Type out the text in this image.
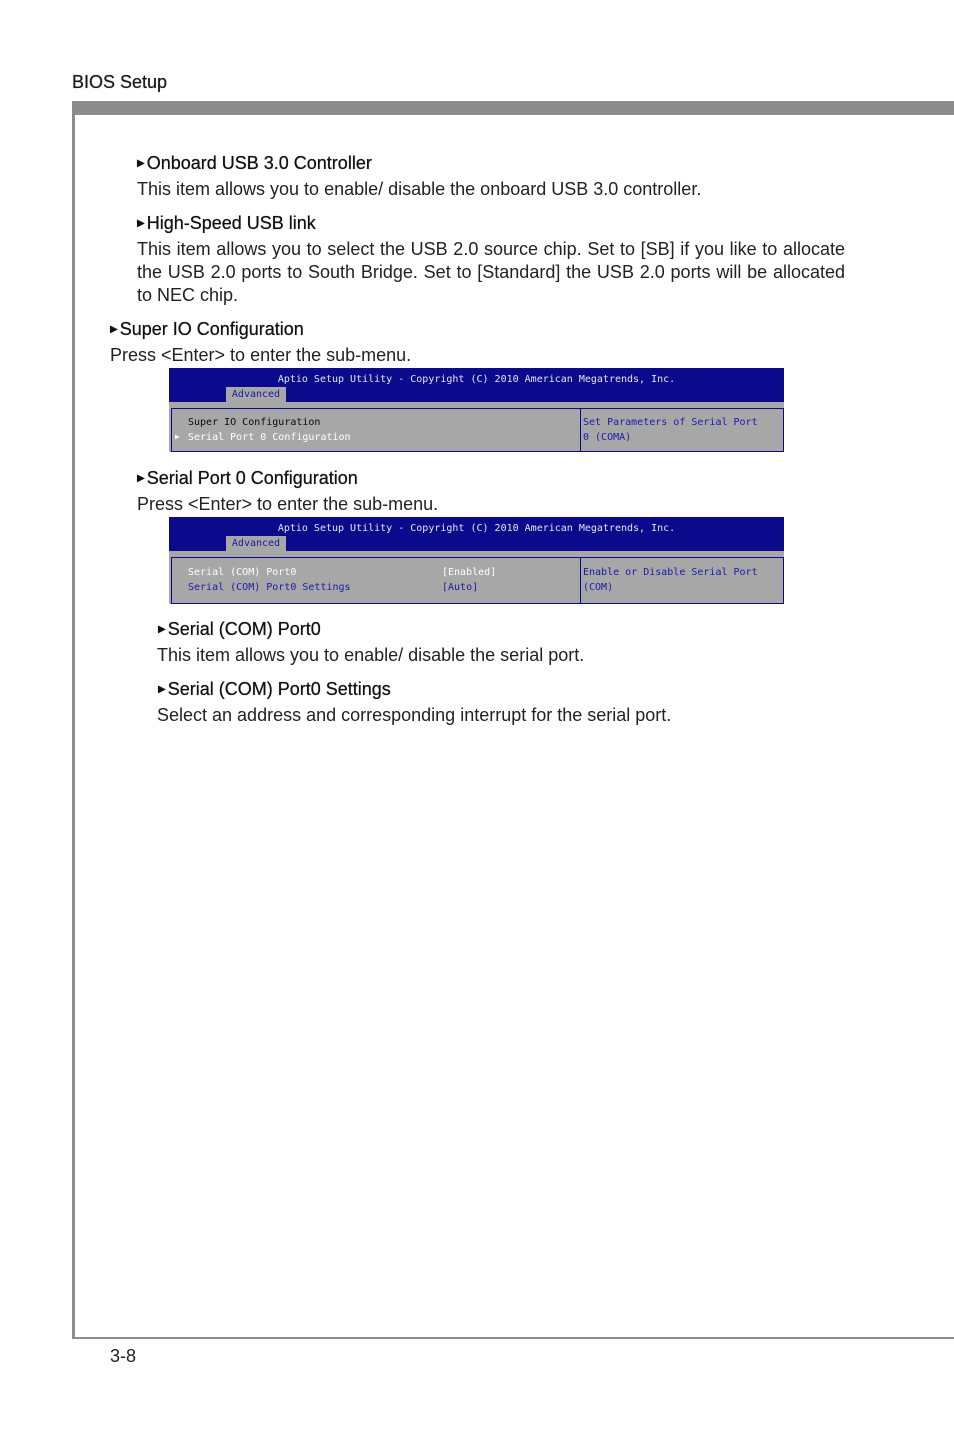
BIOS Setup
▶ Onboard USB 3.0 Controller
This item allows you to enable/ disable the onboard USB 3.0 controller.
▶ High-Speed USB link
This item allows you to select the USB 2.0 source chip. Set to [SB] if you like to allocate the USB 2.0 ports to South Bridge. Set to [Standard] the USB 2.0 ports will be allocated to NEC chip.
▶ Super IO Configuration
Press <Enter> to enter the sub-menu.
Aptio Setup Utility - Copyright (C) 2010 American Megatrends, Inc.
Advanced
Super IO Configuration
▶ Serial Port 0 Configuration
Set Parameters of Serial Port
0 (COMA)
▶ Serial Port 0 Configuration
Press <Enter> to enter the sub-menu.
Aptio Setup Utility - Copyright (C) 2010 American Megatrends, Inc.
Advanced
Serial (COM) Port0	[Enabled]
Serial (COM) Port0 Settings	[Auto]
Enable or Disable Serial Port
(COM)
▶ Serial (COM) Port0
This item allows you to enable/ disable the serial port.
▶ Serial (COM) Port0 Settings
Select an address and corresponding interrupt for the serial port.
3-8
